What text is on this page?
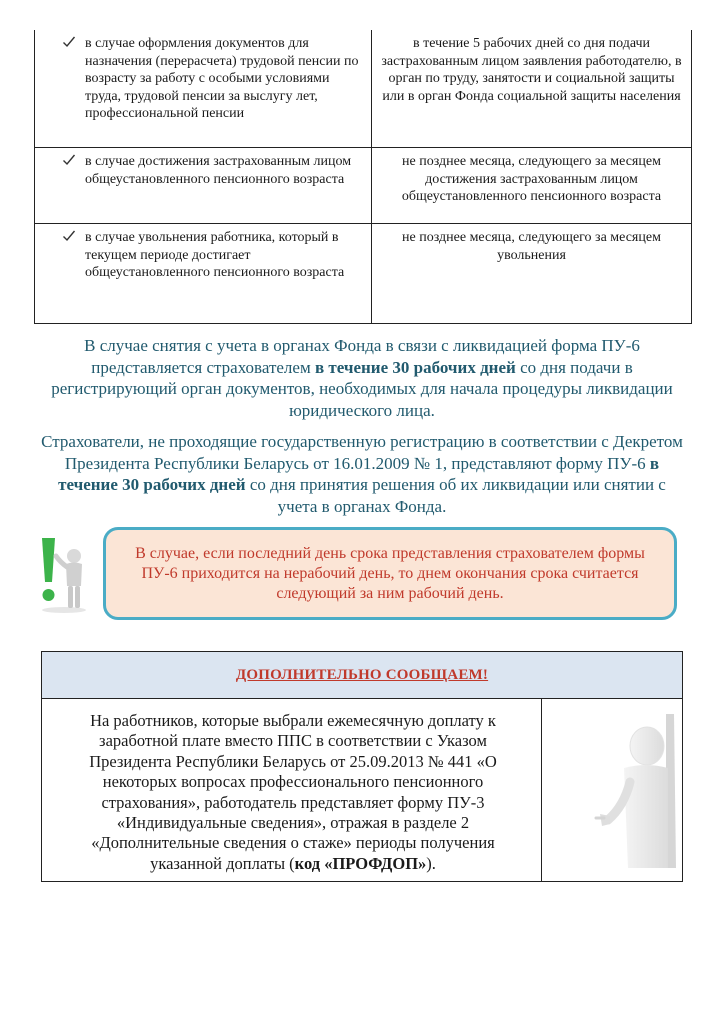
в случае оформления документов для назначения (перерасчета) трудовой пенсии по возрасту за работу с особыми условиями труда, трудовой пенсии за выслугу лет, профессиональной пенсии	в течение 5 рабочих дней со дня подачи застрахованным лицом заявления работодателю, в орган по труду, занятости и социальной защиты или в орган Фонда социальной защиты населения

в случае достижения застрахованным лицом общеустановленного пенсионного возраста	не позднее месяца, следующего за месяцем достижения застрахованным лицом общеустановленного пенсионного возраста

в случае увольнения работника, который в текущем периоде достигает общеустановленного пенсионного возраста	не позднее месяца, следующего за месяцем увольнения
В случае снятия с учета в органах Фонда в связи с ликвидацией форма ПУ-6 представляется страхователем в течение 30 рабочих дней со дня подачи в регистрирующий орган документов, необходимых для начала процедуры ликвидации юридического лица.
Страхователи, не проходящие государственную регистрацию в соответствии с Декретом Президента Республики Беларусь от 16.01.2009 № 1, представляют форму ПУ-6 в течение 30 рабочих дней со дня принятия решения об их ликвидации или снятии с учета в органах Фонда.
В случае, если последний день срока представления страхователем формы ПУ-6 приходится на нерабочий день, то днем окончания срока считается следующий за ним рабочий день.
ДОПОЛНИТЕЛЬНО СООБЩАЕМ!
На работников, которые выбрали ежемесячную доплату к заработной плате вместо ППС в соответствии с Указом Президента Республики Беларусь от 25.09.2013 № 441 «О некоторых вопросах профессионального пенсионного страхования», работодатель представляет форму ПУ-3 «Индивидуальные сведения», отражая в разделе 2 «Дополнительные сведения о стаже» периоды получения указанной доплаты (код «ПРОФДОП»).
